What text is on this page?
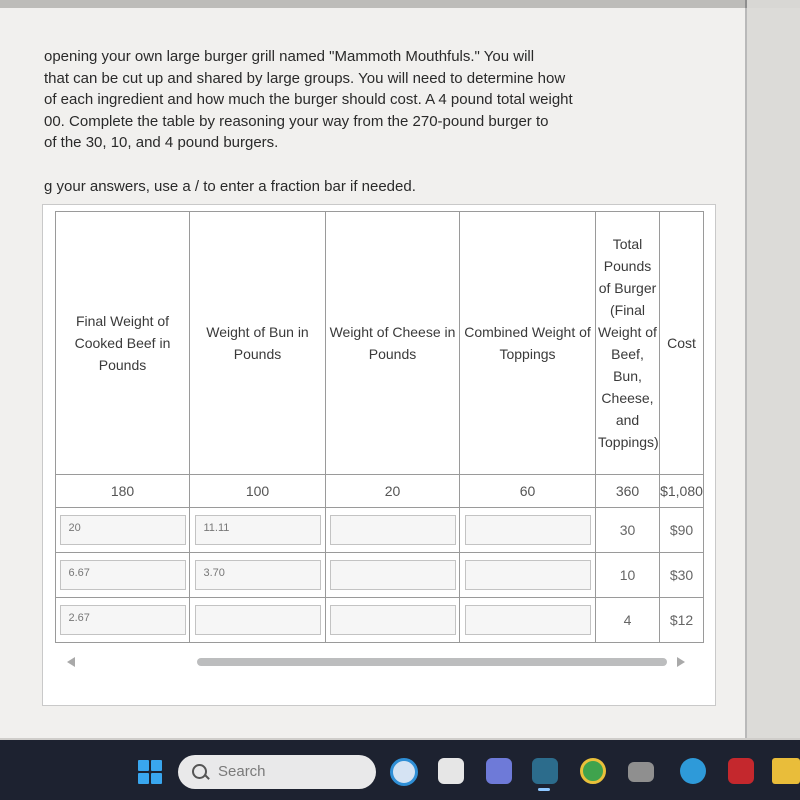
opening your own large burger grill named "Mammoth Mouthfuls." You will

that can be cut up and shared by large groups. You will need to determine how

of each ingredient and how much the burger should cost. A 4 pound total weight

00. Complete the table by reasoning your way from the 270-pound burger to

of the 30, 10, and 4 pound burgers.

g your answers, use a / to enter a fraction bar if needed.
Final Weight of Cooked Beef in Pounds	Weight of Bun in Pounds	Weight of Cheese in Pounds	Combined Weight of Toppings	Total Pounds of Burger (Final Weight of Beef, Bun, Cheese, and Toppings)	Cost
180	100	20	60	360	$1,080

20	11.11			30	$90

6.67	3.70			10	$30

2.67				4	$12
Search
